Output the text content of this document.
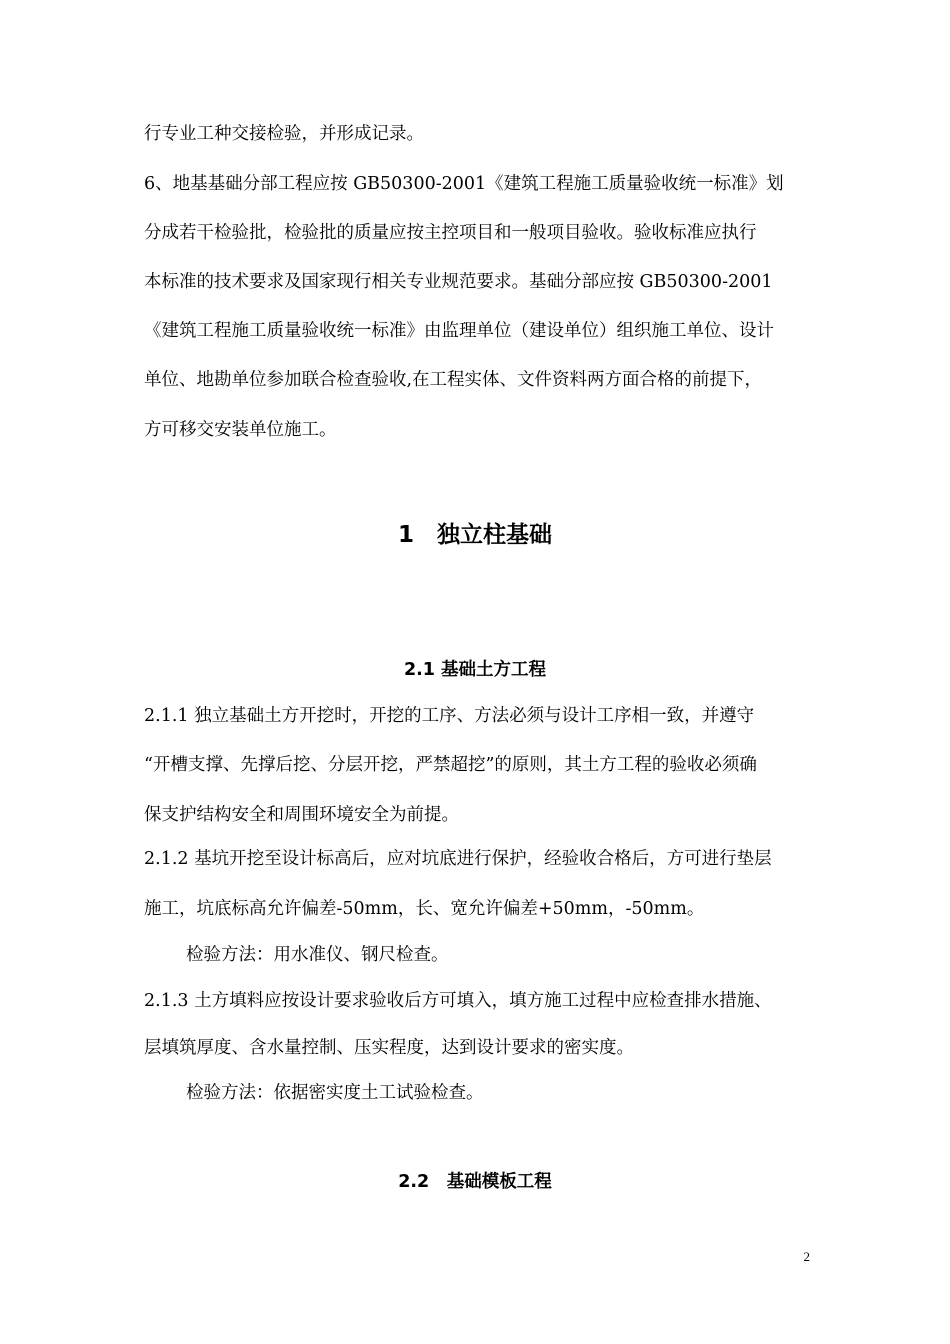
行专业工种交接检验，并形成记录。
6、地基基础分部工程应按 GB50300-2001《建筑工程施工质量验收统一标准》划
分成若干检验批，检验批的质量应按主控项目和一般项目验收。验收标准应执行
本标准的技术要求及国家现行相关专业规范要求。基础分部应按 GB50300-2001
《建筑工程施工质量验收统一标准》由监理单位（建设单位）组织施工单位、设计
单位、地勘单位参加联合检查验收,在工程实体、文件资料两方面合格的前提下，
方可移交安装单位施工。
1　独立柱基础
2.1 基础土方工程
2.1.1 独立基础土方开挖时，开挖的工序、方法必须与设计工序相一致，并遵守
“开槽支撑、先撑后挖、分层开挖，严禁超挖”的原则，其土方工程的验收必须确
保支护结构安全和周围环境安全为前提。
2.1.2 基坑开挖至设计标高后，应对坑底进行保护，经验收合格后，方可进行垫层
施工，坑底标高允许偏差-50mm，长、宽允许偏差+50mm，-50mm。
检验方法：用水准仪、钢尺检查。
2.1.3 土方填料应按设计要求验收后方可填入，填方施工过程中应检查排水措施、
层填筑厚度、含水量控制、压实程度，达到设计要求的密实度。
检验方法：依据密实度土工试验检查。
2.2　基础模板工程
2
